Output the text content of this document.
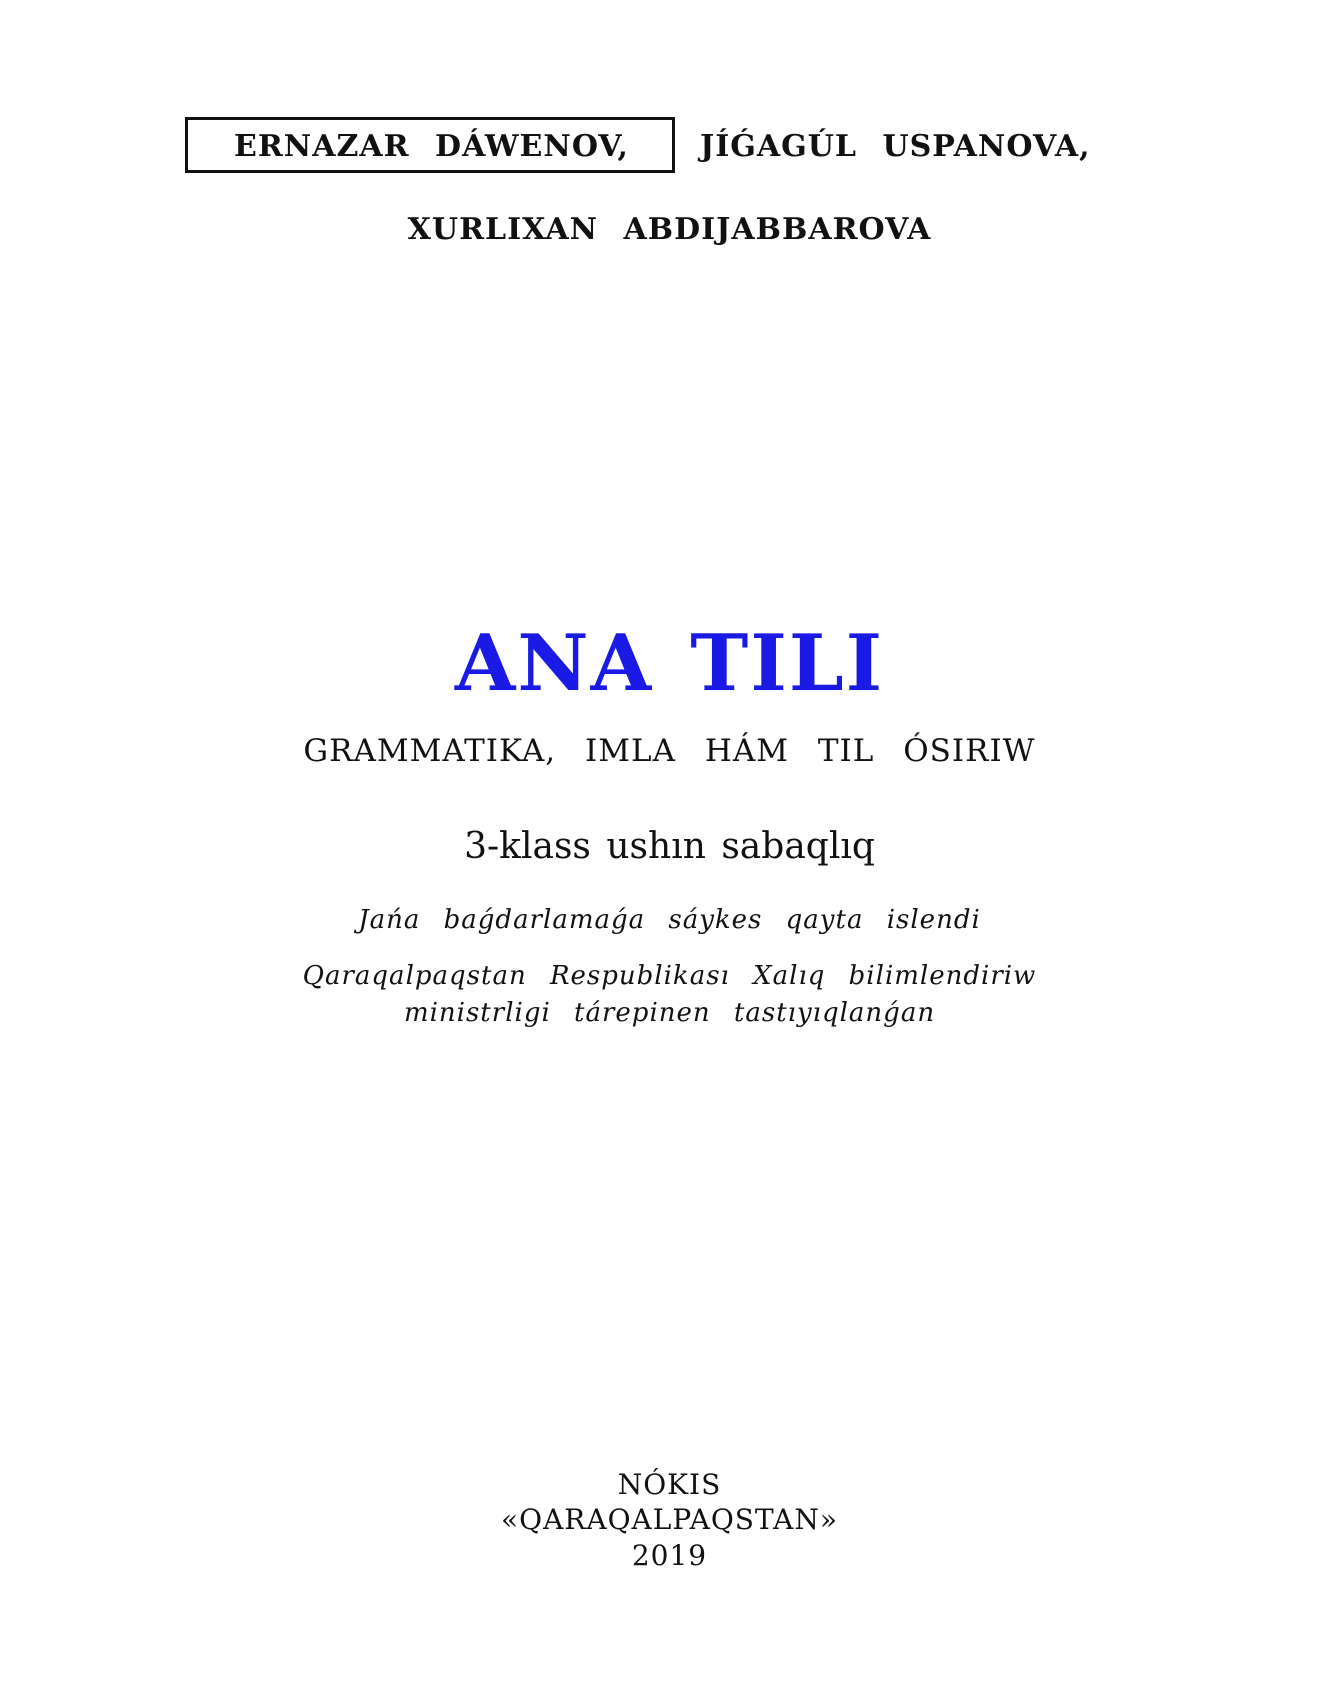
ERNAZAR DÁWENOV, JÍǴAGÚL USPANOVA,
XURLIXAN ABDIJABBAROVA
ANA TILI
GRAMMATIKA, IMLA HÁM TIL ÓSIRIW
3-klass ushın sabaqlıq
Jańa baǵdarlamaǵa sáykes qayta islendi
Qaraqalpaqstan Respublikası Xalıq bilimlendiriw
ministrligi tárepinen tastıyıqlanǵan
NÓKIS
«QARAQALPAQSTAN»
2019
